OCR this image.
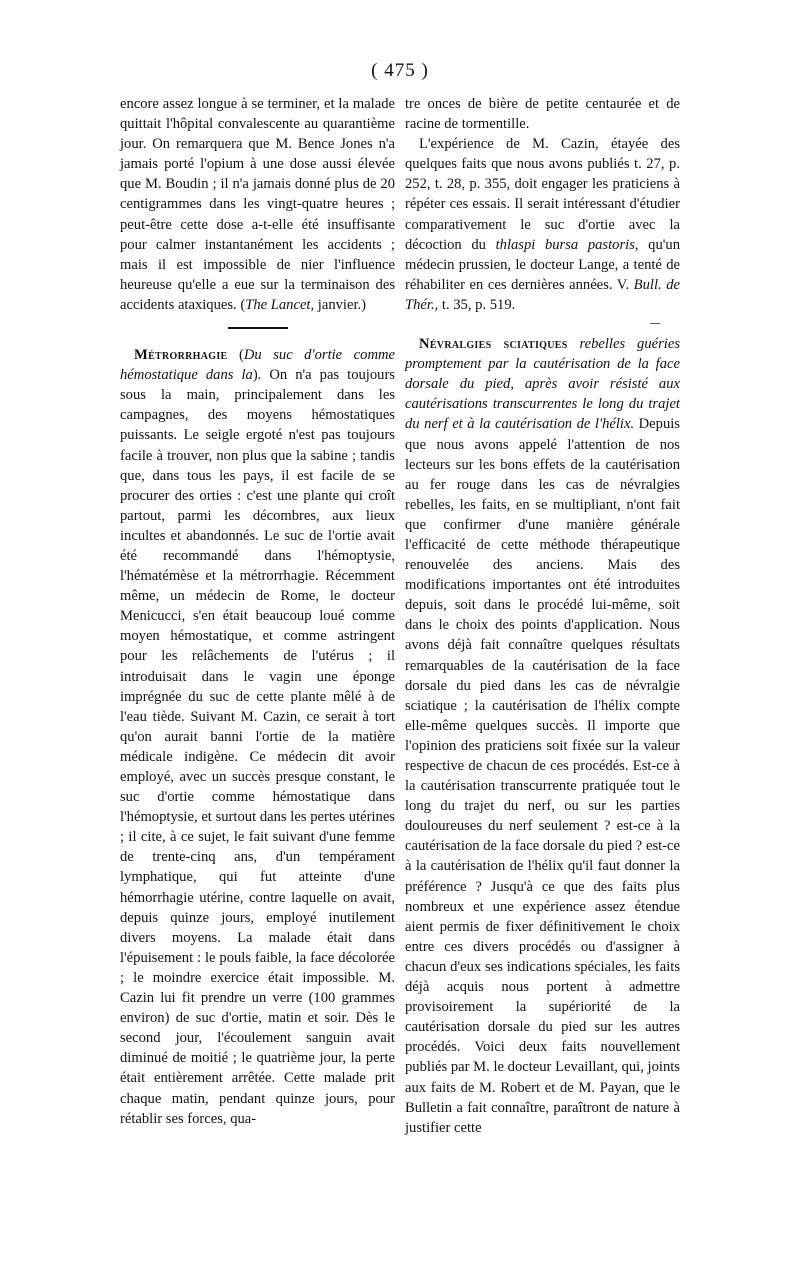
( 475 )

encore assez longue à se terminer, et la malade quittait l'hôpital convalescente au quarantième jour. On remarquera que M. Bence Jones n'a jamais porté l'opium à une dose aussi élevée que M. Boudin ; il n'a jamais donné plus de 20 centigrammes dans les vingt-quatre heures ; peut-être cette dose a-t-elle été insuffisante pour calmer instantanément les accidents ; mais il est impossible de nier l'influence heureuse qu'elle a eue sur la terminaison des accidents ataxiques. (The Lancet, janvier.)

Métrorrhagie (Du suc d'ortie comme hémostatique dans la). On n'a pas toujours sous la main, principalement dans les campagnes, des moyens hémostatiques puissants. Le seigle ergoté n'est pas toujours facile à trouver, non plus que la sabine ; tandis que, dans tous les pays, il est facile de se procurer des orties : c'est une plante qui croît partout, parmi les décombres, aux lieux incultes et abandonnés. Le suc de l'ortie avait été recommandé dans l'hémoptysie, l'hématémèse et la métrorrhagie. Récemment même, un médecin de Rome, le docteur Menicucci, s'en était beaucoup loué comme moyen hémostatique, et comme astringent pour les relâchements de l'utérus ; il introduisait dans le vagin une éponge imprégnée du suc de cette plante mêlé à de l'eau tiède. Suivant M. Cazin, ce serait à tort qu'on aurait banni l'ortie de la matière médicale indigène. Ce médecin dit avoir employé, avec un succès presque constant, le suc d'ortie comme hémostatique dans l'hémoptysie, et surtout dans les pertes utérines ; il cite, à ce sujet, le fait suivant d'une femme de trente-cinq ans, d'un tempérament lymphatique, qui fut atteinte d'une hémorrhagie utérine, contre laquelle on avait, depuis quinze jours, employé inutilement divers moyens. La malade était dans l'épuisement : le pouls faible, la face décolorée ; le moindre exercice était impossible. M. Cazin lui fit prendre un verre (100 grammes environ) de suc d'ortie, matin et soir. Dès le second jour, l'écoulement sanguin avait diminué de moitié ; le quatrième jour, la perte était entièrement arrêtée. Cette malade prit chaque matin, pendant quinze jours, pour rétablir ses forces, qua-

tre onces de bière de petite centaurée et de racine de tormentille.

L'expérience de M. Cazin, étayée des quelques faits que nous avons publiés t. 27, p. 252, t. 28, p. 355, doit engager les praticiens à répéter ces essais. Il serait intéressant d'étudier comparativement le suc d'ortie avec la décoction du thlaspi bursa pastoris, qu'un médecin prussien, le docteur Lange, a tenté de réhabiliter en ces dernières années. V. Bull. de Thér., t. 35, p. 519.

Névralgies sciatiques rebelles guéries promptement par la cautérisation de la face dorsale du pied, après avoir résisté aux cautérisations transcurrentes le long du trajet du nerf et à la cautérisation de l'hélix. Depuis que nous avons appelé l'attention de nos lecteurs sur les bons effets de la cautérisation au fer rouge dans les cas de névralgies rebelles, les faits, en se multipliant, n'ont fait que confirmer d'une manière générale l'efficacité de cette méthode thérapeutique renouvelée des anciens. Mais des modifications importantes ont été introduites depuis, soit dans le procédé lui-même, soit dans le choix des points d'application. Nous avons déjà fait connaître quelques résultats remarquables de la cautérisation de la face dorsale du pied dans les cas de névralgie sciatique ; la cautérisation de l'hélix compte elle-même quelques succès. Il importe que l'opinion des praticiens soit fixée sur la valeur respective de chacun de ces procédés. Est-ce à la cautérisation transcurrente pratiquée tout le long du trajet du nerf, ou sur les parties douloureuses du nerf seulement ? est-ce à la cautérisation de la face dorsale du pied ? est-ce à la cautérisation de l'hélix qu'il faut donner la préférence ? Jusqu'à ce que des faits plus nombreux et une expérience assez étendue aient permis de fixer définitivement le choix entre ces divers procédés ou d'assigner à chacun d'eux ses indications spéciales, les faits déjà acquis nous portent à admettre provisoirement la supériorité de la cautérisation dorsale du pied sur les autres procédés. Voici deux faits nouvellement publiés par M. le docteur Levaillant, qui, joints aux faits de M. Robert et de M. Payan, que le Bulletin a fait connaître, paraîtront de nature à justifier cette
